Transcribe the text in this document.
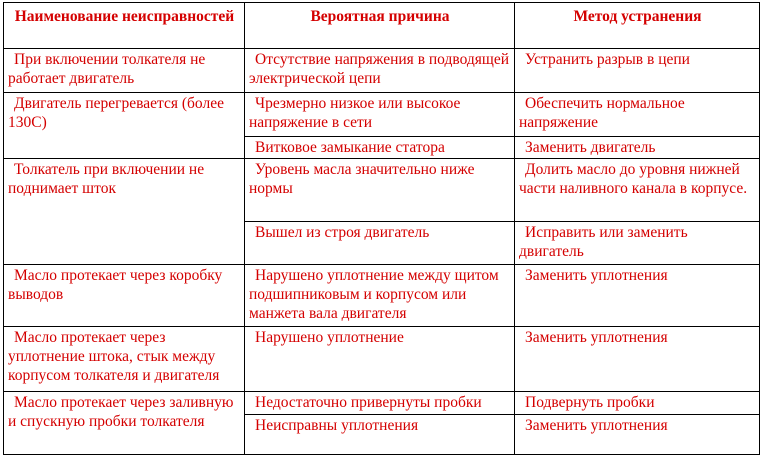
Наименование неисправностей	Вероятная причина	Метод устранения

При включении толкателя не работает двигатель	Отсутствие напряжения в подводящей электрической цепи	Устранить разрыв в цепи

Двигатель перегревается (более 130С)	Чрезмерно низкое или высокое напряжение в сети	Обеспечить нормальное напряжение

	Витковое замыкание статора	Заменить двигатель

Толкатель при включении не поднимает шток	Уровень масла значительно ниже нормы	Долить масло до уровня нижней части наливного канала в корпусе.

	Вышел из строя двигатель	Исправить или заменить двигатель

Масло протекает через коробку выводов	Нарушено уплотнение между щитом подшипниковым и корпусом или манжета вала двигателя	Заменить уплотнения

Масло протекает через уплотнение штока, стык между корпусом толкателя и двигателя	Нарушено уплотнение	Заменить уплотнения

Масло протекает через заливную и спускную пробки толкателя	Недостаточно привернуты пробки	Подвернуть пробки

	Неисправны уплотнения	Заменить уплотнения
